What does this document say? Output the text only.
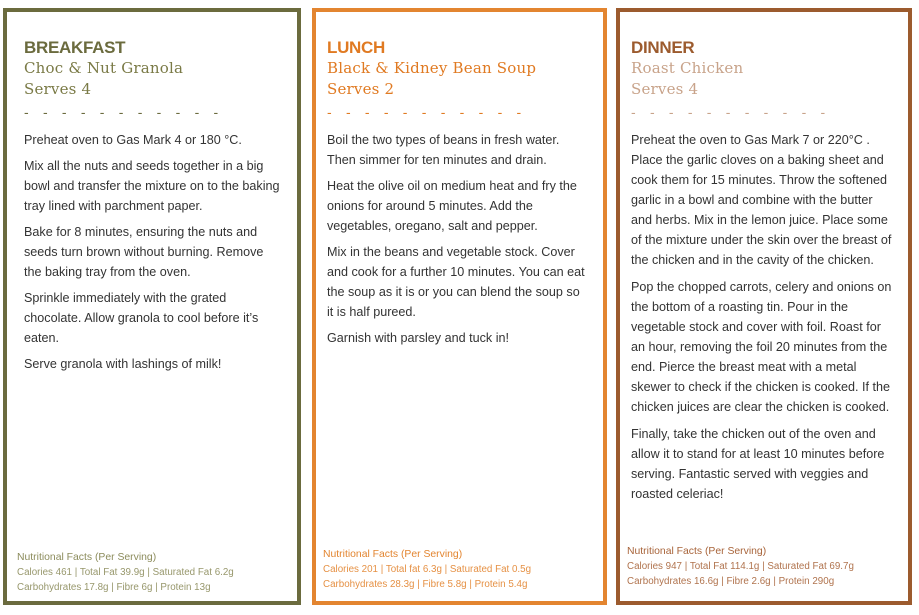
BREAKFAST
Choc & Nut Granola
Serves 4
- - - - - - - - - - -

Preheat oven to Gas Mark 4 or 180 °C.

Mix all the nuts and seeds together in a big bowl and transfer the mixture on to the baking tray lined with parchment paper.

Bake for 8 minutes, ensuring the nuts and seeds turn brown without burning. Remove the baking tray from the oven.

Sprinkle immediately with the grated chocolate. Allow granola to cool before it’s eaten.

Serve granola with lashings of milk!

Nutritional Facts (Per Serving)
Calories 461 | Total Fat 39.9g | Saturated Fat 6.2g
Carbohydrates 17.8g | Fibre 6g | Protein 13g
LUNCH
Black & Kidney Bean Soup
Serves 2
- - - - - - - - - - -

Boil the two types of beans in fresh water. Then simmer for ten minutes and drain.

Heat the olive oil on medium heat and fry the onions for around 5 minutes. Add the vegetables, oregano, salt and pepper.

Mix in the beans and vegetable stock. Cover and cook for a further 10 minutes. You can eat the soup as it is or you can blend the soup so it is half pureed.

Garnish with parsley and tuck in!

Nutritional Facts (Per Serving)
Calories 201 | Total fat 6.3g | Saturated Fat 0.5g
Carbohydrates 28.3g | Fibre 5.8g | Protein 5.4g
DINNER
Roast Chicken
Serves 4
- - - - - - - - - - -

Preheat the oven to Gas Mark 7 or 220°C . Place the garlic cloves on a baking sheet and cook them for 15 minutes. Throw the softened garlic in a bowl and combine with the butter and herbs. Mix in the lemon juice. Place some of the mixture under the skin over the breast of the chicken and in the cavity of the chicken.

Pop the chopped carrots, celery and onions on the bottom of a roasting tin. Pour in the vegetable stock and cover with foil. Roast for an hour, removing the foil 20 minutes from the end. Pierce the breast meat with a metal skewer to check if the chicken is cooked. If the chicken juices are clear the chicken is cooked.

Finally, take the chicken out of the oven and allow it to stand for at least 10 minutes before serving. Fantastic served with veggies and roasted celeriac!

Nutritional Facts (Per Serving)
Calories 947 | Total Fat 114.1g | Saturated Fat 69.7g
Carbohydrates 16.6g | Fibre 2.6g | Protein 290g
